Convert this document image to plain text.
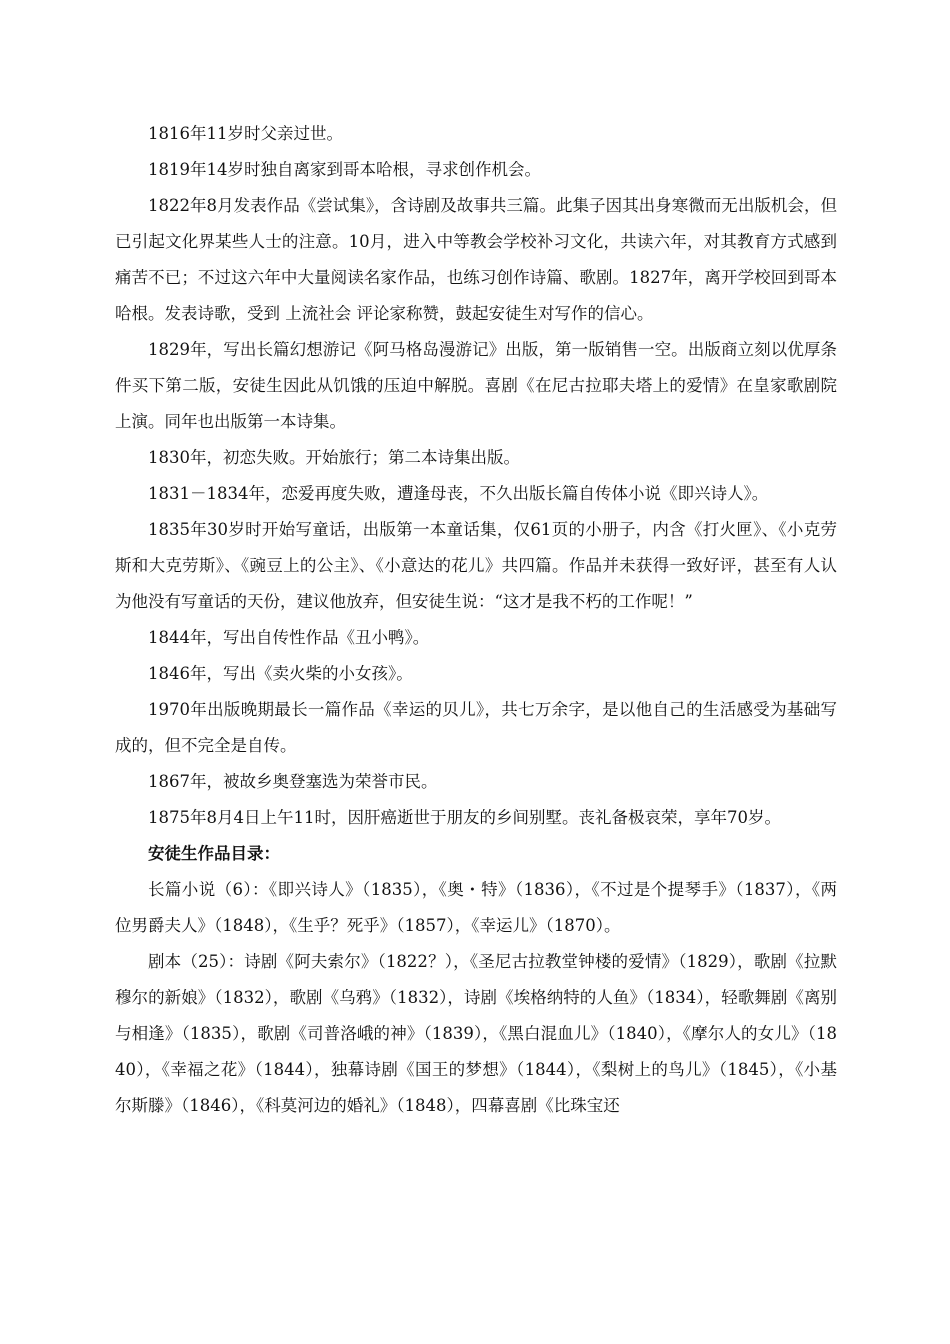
1816年11岁时父亲过世。

1819年14岁时独自离家到哥本哈根，寻求创作机会。

1822年8月发表作品《尝试集》，含诗剧及故事共三篇。此集子因其出身寒微而无出版机会，但已引起文化界某些人士的注意。10月，进入中等教会学校补习文化，共读六年，对其教育方式感到痛苦不已；不过这六年中大量阅读名家作品，也练习创作诗篇、歌剧。1827年，离开学校回到哥本哈根。发表诗歌，受到 上流社会 评论家称赞，鼓起安徒生对写作的信心。

1829年，写出长篇幻想游记《阿马格岛漫游记》出版，第一版销售一空。出版商立刻以优厚条件买下第二版，安徒生因此从饥饿的压迫中解脱。喜剧《在尼古拉耶夫塔上的爱情》在皇家歌剧院上演。同年也出版第一本诗集。

1830年，初恋失败。开始旅行；第二本诗集出版。

1831－1834年，恋爱再度失败，遭逢母丧，不久出版长篇自传体小说《即兴诗人》。

1835年30岁时开始写童话，出版第一本童话集，仅61页的小册子，内含《打火匣》、《小克劳斯和大克劳斯》、《豌豆上的公主》、《小意达的花儿》共四篇。作品并未获得一致好评，甚至有人认为他没有写童话的天份，建议他放弃，但安徒生说：“这才是我不朽的工作呢！”

1844年，写出自传性作品《丑小鸭》。

1846年，写出《卖火柴的小女孩》。

1970年出版晚期最长一篇作品《幸运的贝儿》，共七万余字，是以他自己的生活感受为基础写成的，但不完全是自传。

1867年，被故乡奥登塞选为荣誉市民。

1875年8月4日上午11时，因肝癌逝世于朋友的乡间别墅。丧礼备极哀荣，享年70岁。

安徒生作品目录：

长篇小说（6）：《即兴诗人》（1835），《奥・特》（1836），《不过是个提琴手》（1837），《两位男爵夫人》（1848），《生乎？死乎》（1857），《幸运儿》（1870）。

剧本（25）：诗剧《阿夫索尔》（1822？），《圣尼古拉教堂钟楼的爱情》（1829），歌剧《拉默穆尔的新娘》（1832），歌剧《乌鸦》（1832），诗剧《埃格纳特的人鱼》（1834），轻歌舞剧《离别与相逢》（1835），歌剧《司普洛峨的神》（1839），《黑白混血儿》（1840），《摩尔人的女儿》（1840），《幸福之花》（1844），独幕诗剧《国王的梦想》（1844），《梨树上的鸟儿》（1845），《小基尔斯滕》（1846），《科莫河边的婚礼》（1848），四幕喜剧《比珠宝还
